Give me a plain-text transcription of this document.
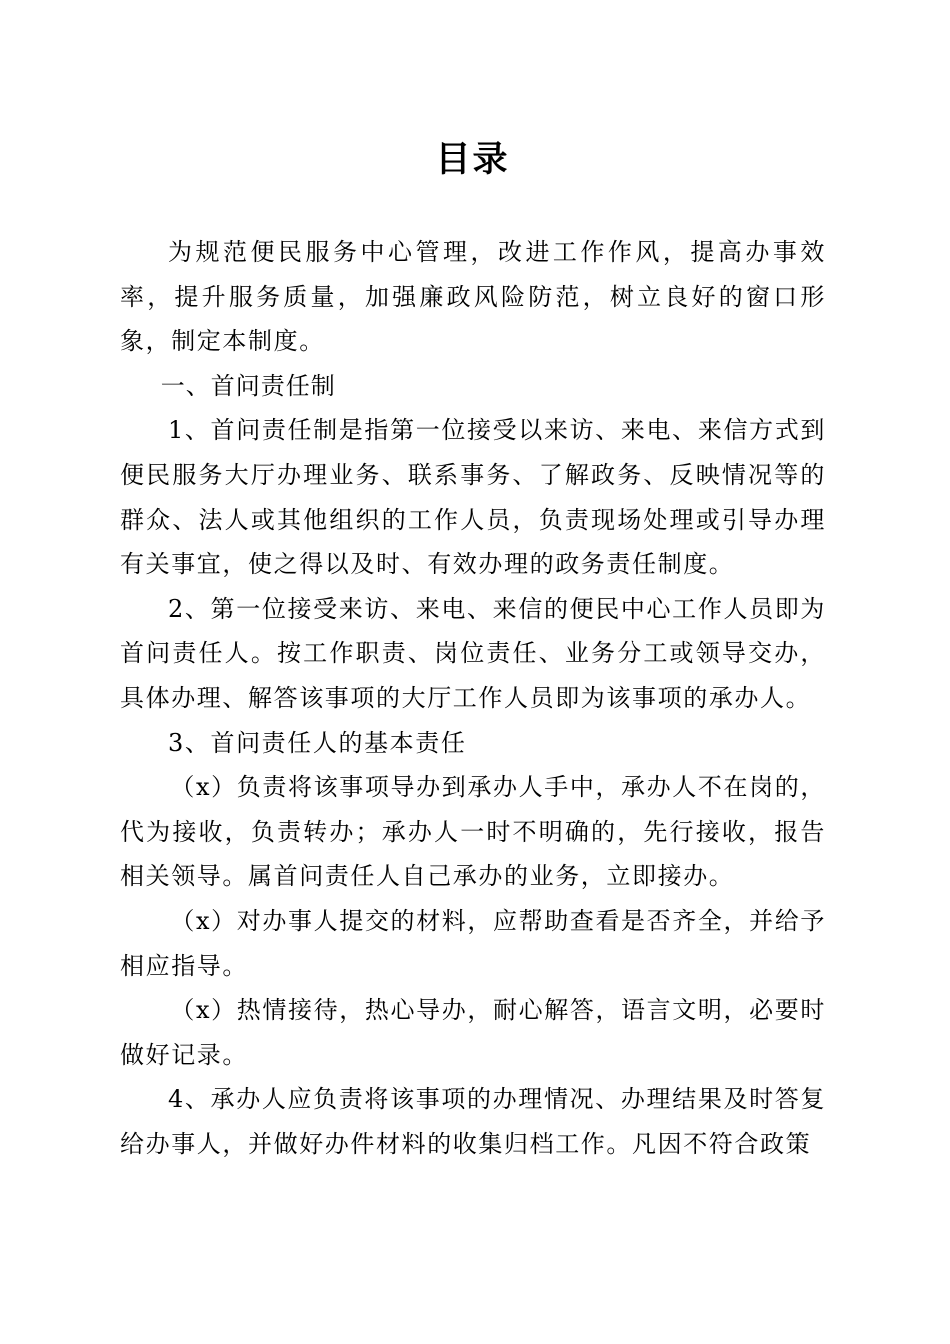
目录

为规范便民服务中心管理，改进工作作风，提高办事效率，提升服务质量，加强廉政风险防范，树立良好的窗口形象，制定本制度。

一、首问责任制

1、首问责任制是指第一位接受以来访、来电、来信方式到便民服务大厅办理业务、联系事务、了解政务、反映情况等的群众、法人或其他组织的工作人员，负责现场处理或引导办理有关事宜，使之得以及时、有效办理的政务责任制度。

2、第一位接受来访、来电、来信的便民中心工作人员即为首问责任人。按工作职责、岗位责任、业务分工或领导交办，具体办理、解答该事项的大厅工作人员即为该事项的承办人。

3、首问责任人的基本责任

（x）负责将该事项导办到承办人手中，承办人不在岗的，代为接收，负责转办；承办人一时不明确的，先行接收，报告相关领导。属首问责任人自己承办的业务，立即接办。

（x）对办事人提交的材料，应帮助查看是否齐全，并给予相应指导。

（x）热情接待，热心导办，耐心解答，语言文明，必要时做好记录。

4、承办人应负责将该事项的办理情况、办理结果及时答复给办事人，并做好办件材料的收集归档工作。凡因不符合政策
